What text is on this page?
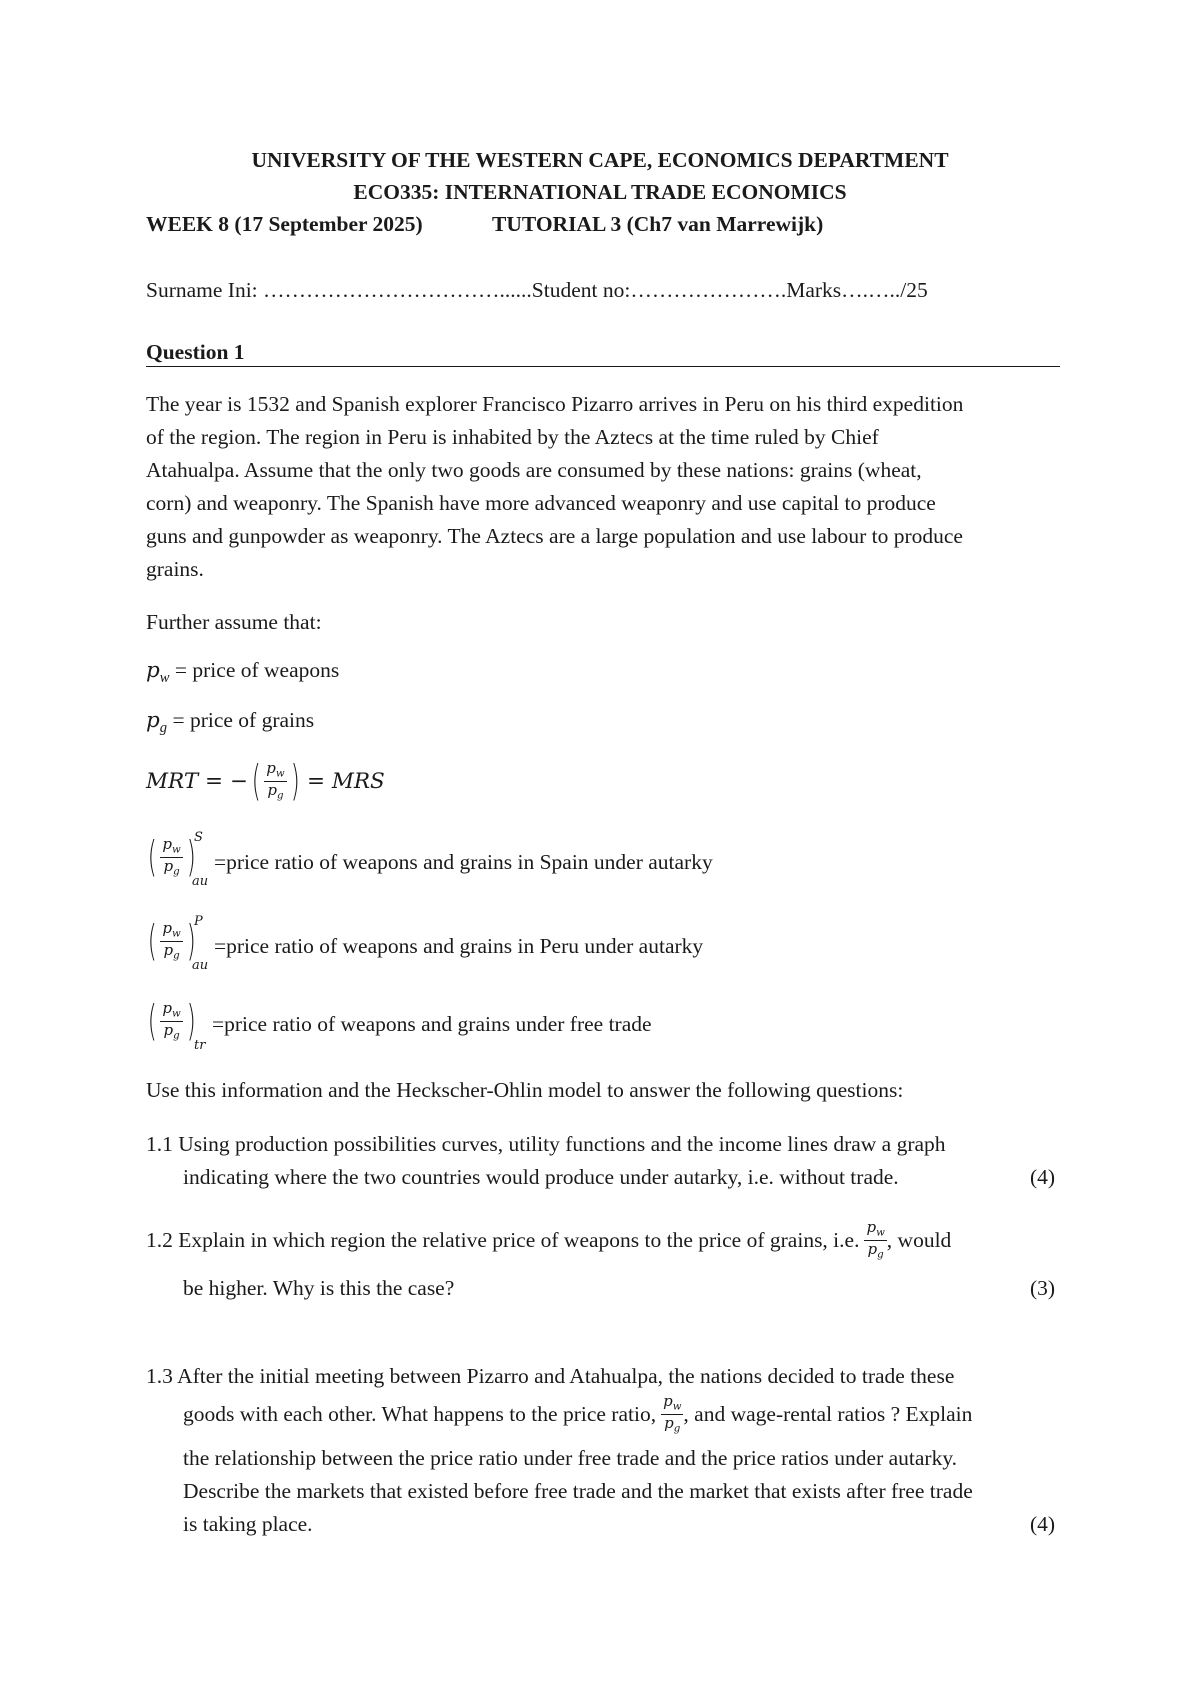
UNIVERSITY OF THE WESTERN CAPE, ECONOMICS DEPARTMENT
ECO335: INTERNATIONAL TRADE ECONOMICS
WEEK 8 (17 September 2025)	TUTORIAL 3 (Ch7 van Marrewijk)
Surname Ini: ……………………………......Student no:………………….Marks….…../25
Question 1
The year is 1532 and Spanish explorer Francisco Pizarro arrives in Peru on his third expedition
of the region. The region in Peru is inhabited by the Aztecs at the time ruled by Chief
Atahualpa. Assume that the only two goods are consumed by these nations: grains (wheat,
corn) and weaponry. The Spanish have more advanced weaponry and use capital to produce
guns and gunpowder as weaponry. The Aztecs are a large population and use labour to produce
grains.
Further assume that:
$p_w$ = price of weapons
$p_g$ = price of grains
MRT = − ( $\frac{p_w}{p_g}$ ) = MRS
( $\frac{p_w}{p_g}$ )
S
au
=price ratio of weapons and grains in Spain under autarky
( $\frac{p_w}{p_g}$ )
P
au
=price ratio of weapons and grains in Peru under autarky
( $\frac{p_w}{p_g}$ )
tr
=price ratio of weapons and grains under free trade
Use this information and the Heckscher-Ohlin model to answer the following questions:
1.1 Using production possibilities curves, utility functions and the income lines draw a graph
indicating where the two countries would produce under autarky, i.e. without trade.	(4)
1.2 Explain in which region the relative price of weapons to the price of grains, i.e. $\frac{p_w}{p_g}$ , would
be higher. Why is this the case?	(3)
1.3 After the initial meeting between Pizarro and Atahualpa, the nations decided to trade these
goods with each other. What happens to the price ratio, $\frac{p_w}{p_g}$ , and wage-rental ratios ? Explain
the relationship between the price ratio under free trade and the price ratios under autarky.
Describe the markets that existed before free trade and the market that exists after free trade
is taking place.	(4)
